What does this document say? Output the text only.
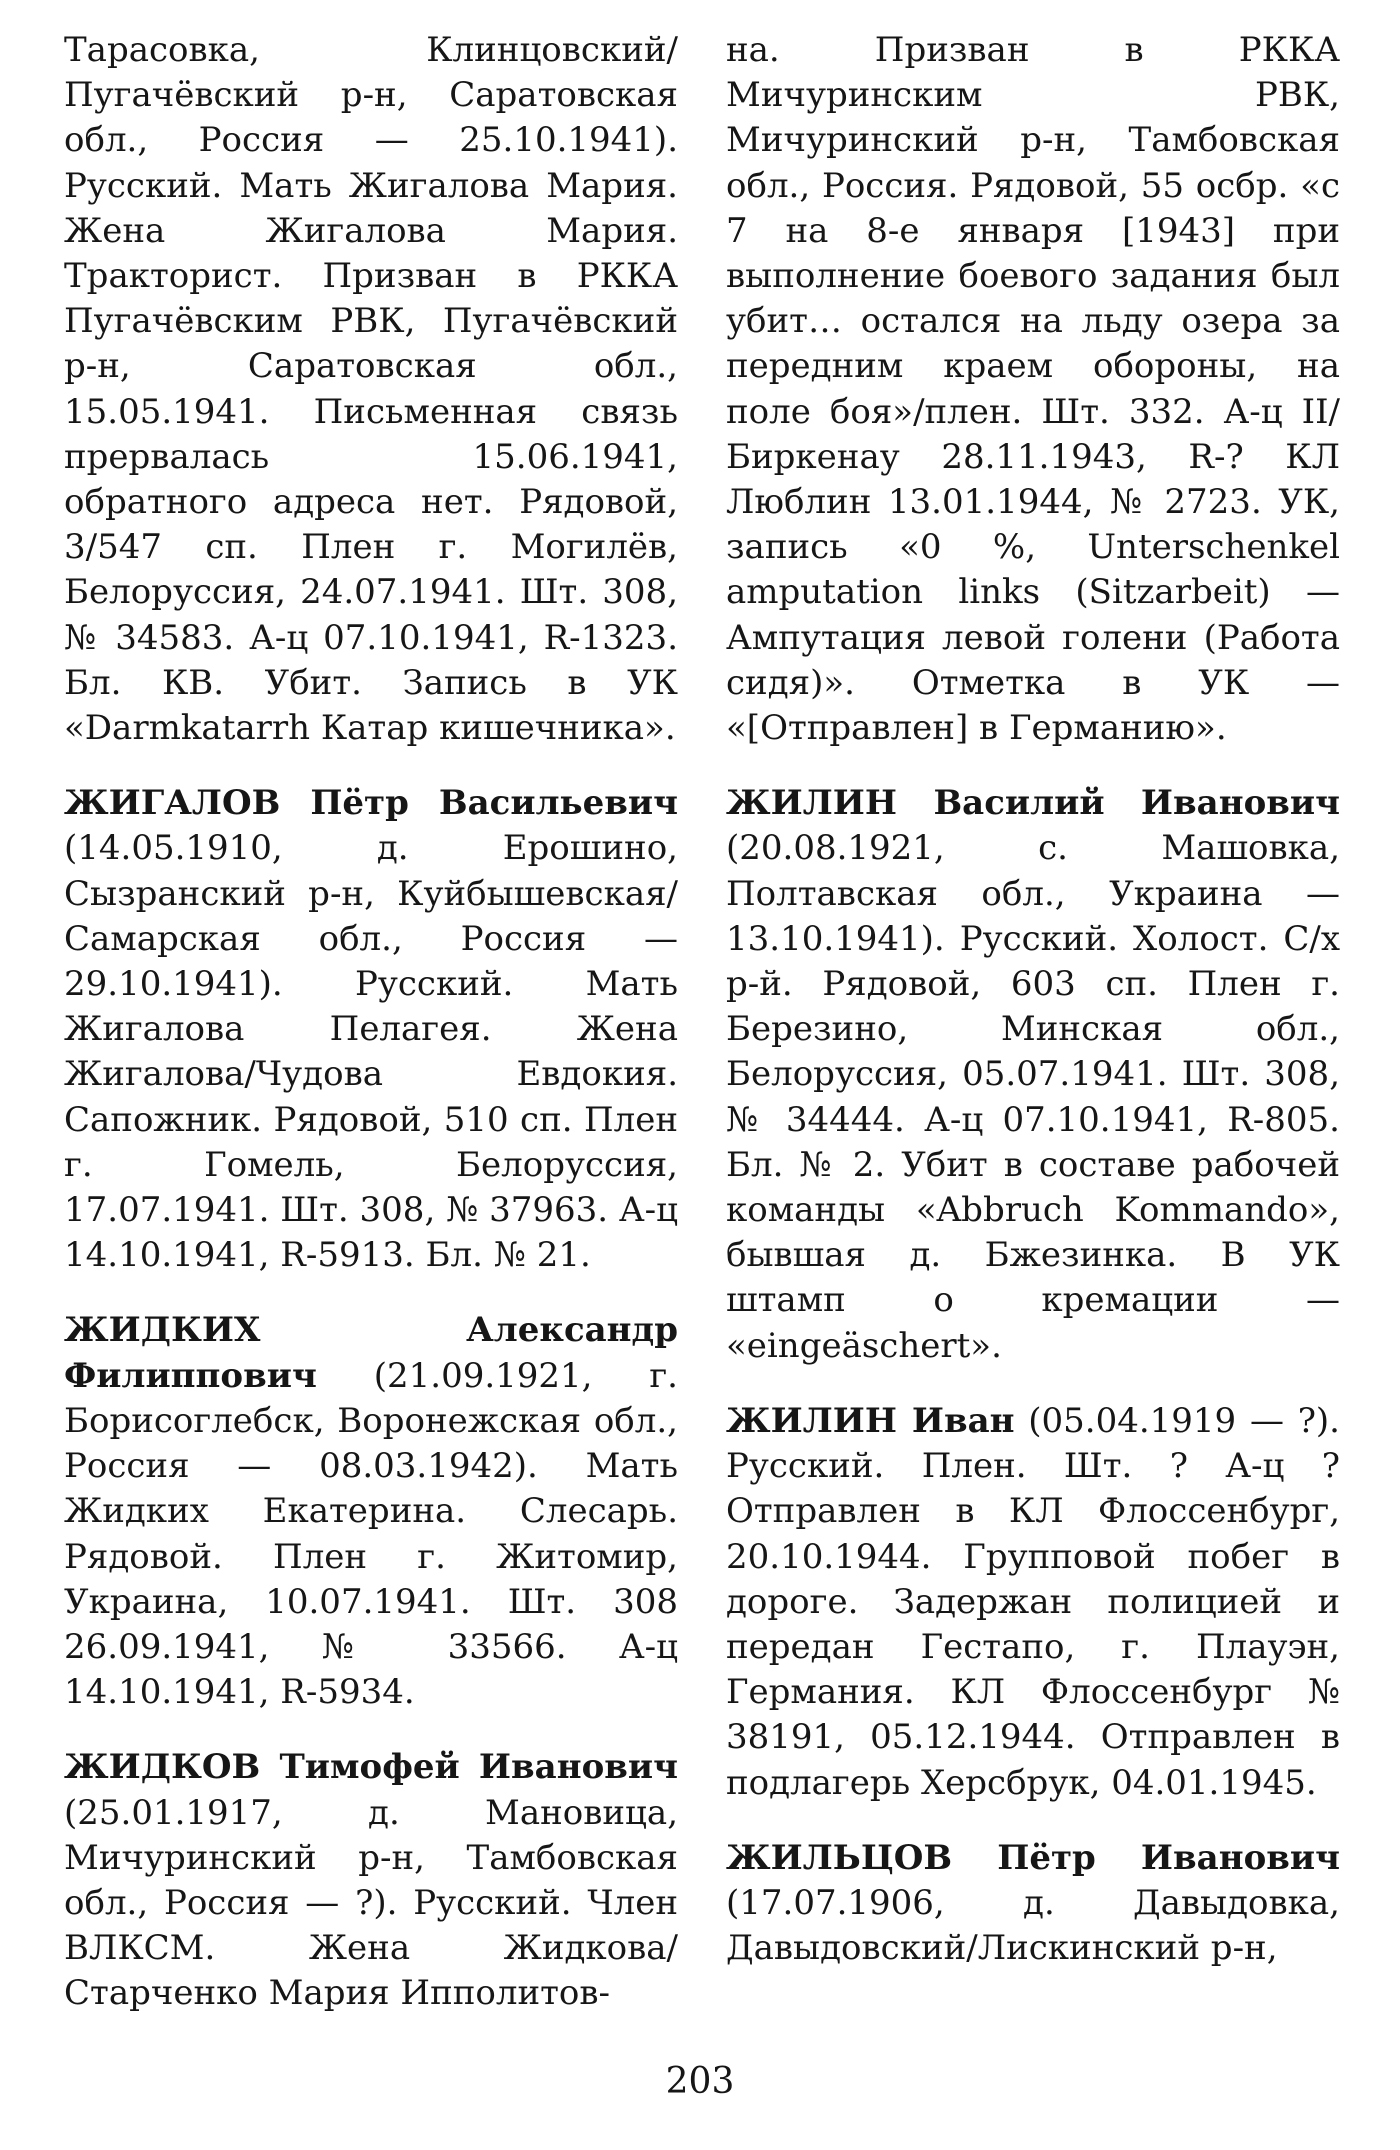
Тарасовка, Клинцовский/Пугачёвский р-н, Саратовская обл., Россия — 25.10.1941). Русский. Мать Жигалова Мария. Жена Жигалова Мария. Тракторист. Призван в РККА Пугачёвским РВК, Пугачёвский р-н, Саратовская обл., 15.05.1941. Письменная связь прервалась 15.06.1941, обратного адреса нет. Рядовой, 3/547 сп. Плен г. Могилёв, Белоруссия, 24.07.1941. Шт. 308, № 34583. А-ц 07.10.1941, R-1323. Бл. КВ. Убит. Запись в УК «Darmkatarrh Катар кишечника».

ЖИГАЛОВ Пётр Васильевич (14.05.1910, д. Ерошино, Сызранский р-н, Куйбышевская/Самарская обл., Россия — 29.10.1941). Русский. Мать Жигалова Пелагея. Жена Жигалова/Чудова Евдокия. Сапожник. Рядовой, 510 сп. Плен г. Гомель, Белоруссия, 17.07.1941. Шт. 308, № 37963. А-ц 14.10.1941, R-5913. Бл. № 21.

ЖИДКИХ Александр Филиппович (21.09.1921, г. Борисоглебск, Воронежская обл., Россия — 08.03.1942). Мать Жидких Екатерина. Слесарь. Рядовой. Плен г. Житомир, Украина, 10.07.1941. Шт. 308 26.09.1941, № 33566. А-ц 14.10.1941, R-5934.

ЖИДКОВ Тимофей Иванович (25.01.1917, д. Мановица, Мичуринский р-н, Тамбовская обл., Россия — ?). Русский. Член ВЛКСМ. Жена Жидкова/Старченко Мария Ипполитов-

на. Призван в РККА Мичуринским РВК, Мичуринский р-н, Тамбовская обл., Россия. Рядовой, 55 осбр. «с 7 на 8-е января [1943] при выполнение боевого задания был убит… остался на льду озера за передним краем обороны, на поле боя»/плен. Шт. 332. А-ц II/Биркенау 28.11.1943, R-? КЛ Люблин 13.01.1944, № 2723. УК, запись «0 %, Unterschenkel amputation links (Sitzarbeit) — Ампутация левой голени (Работа сидя)». Отметка в УК — «[Отправлен] в Германию».

ЖИЛИН Василий Иванович (20.08.1921, с. Машовка, Полтавская обл., Украина — 13.10.1941). Русский. Холост. С/х р-й. Рядовой, 603 сп. Плен г. Березино, Минская обл., Белоруссия, 05.07.1941. Шт. 308, № 34444. А-ц 07.10.1941, R-805. Бл. № 2. Убит в составе рабочей команды «Abbruch Kommando», бывшая д. Бжезинка. В УК штамп о кремации — «eingeäschert».

ЖИЛИН Иван (05.04.1919 — ?). Русский. Плен. Шт. ? А-ц ? Отправлен в КЛ Флоссенбург, 20.10.1944. Групповой побег в дороге. Задержан полицией и передан Гестапо, г. Плауэн, Германия. КЛ Флоссенбург № 38191, 05.12.1944. Отправлен в подлагерь Херсбрук, 04.01.1945.

ЖИЛЬЦОВ Пётр Иванович (17.07.1906, д. Давыдовка, Давыдовский/Лискинский р-н,

203
